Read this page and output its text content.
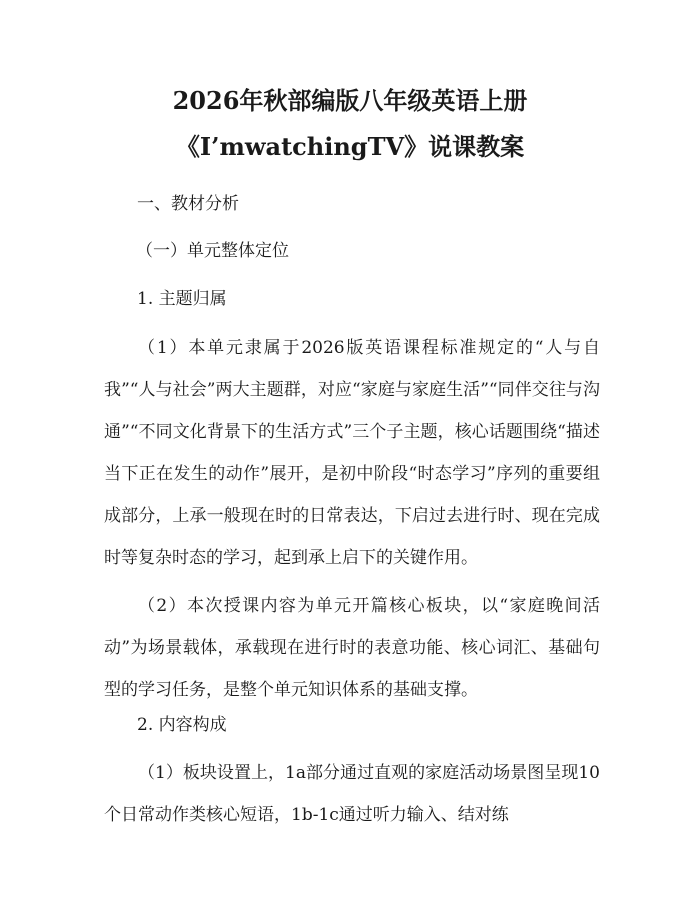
2026年秋部编版八年级英语上册
《I’mwatchingTV》说课教案
一、教材分析
（一）单元整体定位
1. 主题归属
（1）本单元隶属于2026版英语课程标准规定的“人与自我”“人与社会”两大主题群，对应“家庭与家庭生活”“同伴交往与沟通”“不同文化背景下的生活方式”三个子主题，核心话题围绕“描述当下正在发生的动作”展开，是初中阶段“时态学习”序列的重要组成部分，上承一般现在时的日常表达，下启过去进行时、现在完成时等复杂时态的学习，起到承上启下的关键作用。
（2）本次授课内容为单元开篇核心板块，以“家庭晚间活动”为场景载体，承载现在进行时的表意功能、核心词汇、基础句型的学习任务，是整个单元知识体系的基础支撑。
2. 内容构成
（1）板块设置上，1a部分通过直观的家庭活动场景图呈现10个日常动作类核心短语，1b-1c通过听力输入、结对练
